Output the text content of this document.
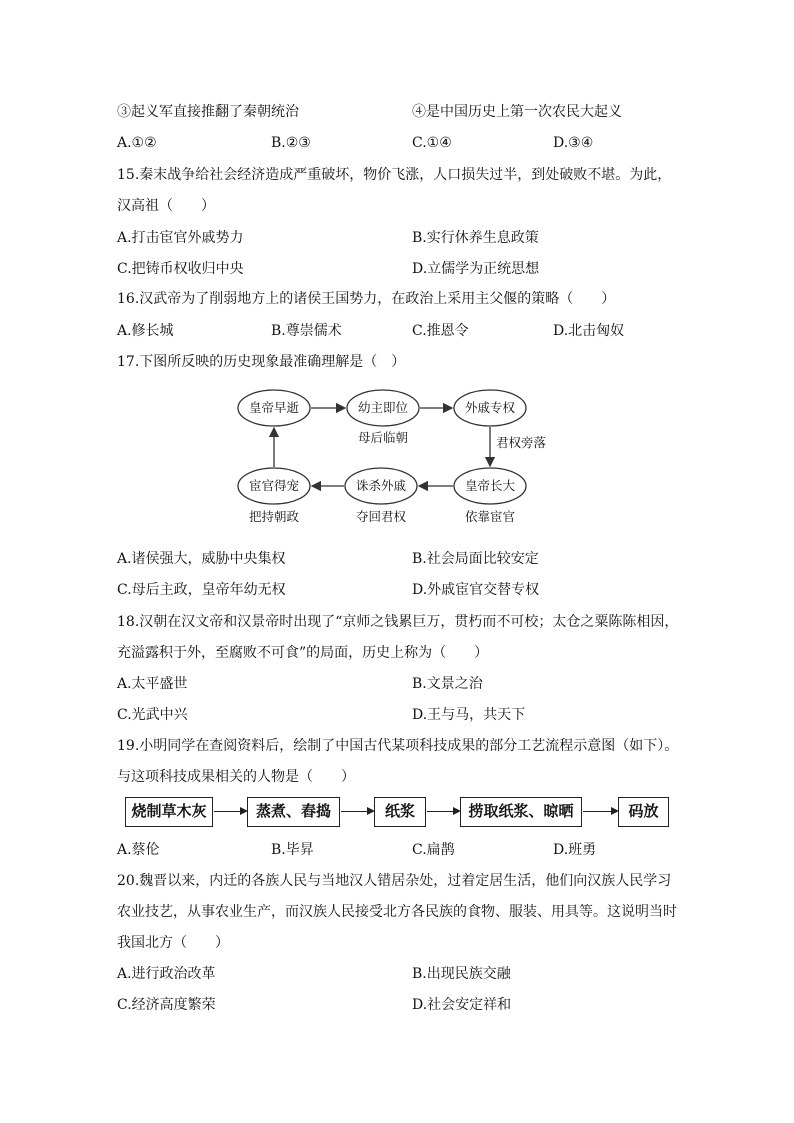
③起义军直接推翻了秦朝统治	④是中国历史上第一次农民大起义
A.①②	B.②③	C.①④	D.③④
15.秦末战争给社会经济造成严重破坏，物价飞涨，人口损失过半，到处破败不堪。为此，
汉高祖（　　）
A.打击宦官外戚势力	B.实行休养生息政策
C.把铸币权收归中央	D.立儒学为正统思想
16.汉武帝为了削弱地方上的诸侯王国势力，在政治上采用主父偃的策略（　　）
A.修长城	B.尊崇儒术	C.推恩令	D.北击匈奴
17.下图所反映的历史现象最准确理解是（　）
皇帝早逝	幼主即位	外戚专权
皇帝长大
诛杀外戚
宦官得宠
母后临朝	君权旁落
依靠宦官
夺回君权
把持朝政
A.诸侯强大，威胁中央集权	B.社会局面比较安定
C.母后主政，皇帝年幼无权	D.外戚宦官交替专权
18.汉朝在汉文帝和汉景帝时出现了“京师之钱累巨万，贯朽而不可校；太仓之粟陈陈相因，
充溢露积于外，至腐败不可食”的局面，历史上称为（　　）
A.太平盛世	B.文景之治
C.光武中兴	D.王与马，共天下
19.小明同学在查阅资料后，绘制了中国古代某项科技成果的部分工艺流程示意图（如下）。
与这项科技成果相关的人物是（　　）
烧制草木灰	蒸煮、舂捣	纸浆	捞取纸浆、晾晒	码放
A.蔡伦	B.毕昇	C.扁鹊	D.班勇
20.魏晋以来，内迁的各族人民与当地汉人错居杂处，过着定居生活，他们向汉族人民学习
农业技艺，从事农业生产，而汉族人民接受北方各民族的食物、服装、用具等。这说明当时
我国北方（　　）
A.进行政治改革	B.出现民族交融
C.经济高度繁荣	D.社会安定祥和
